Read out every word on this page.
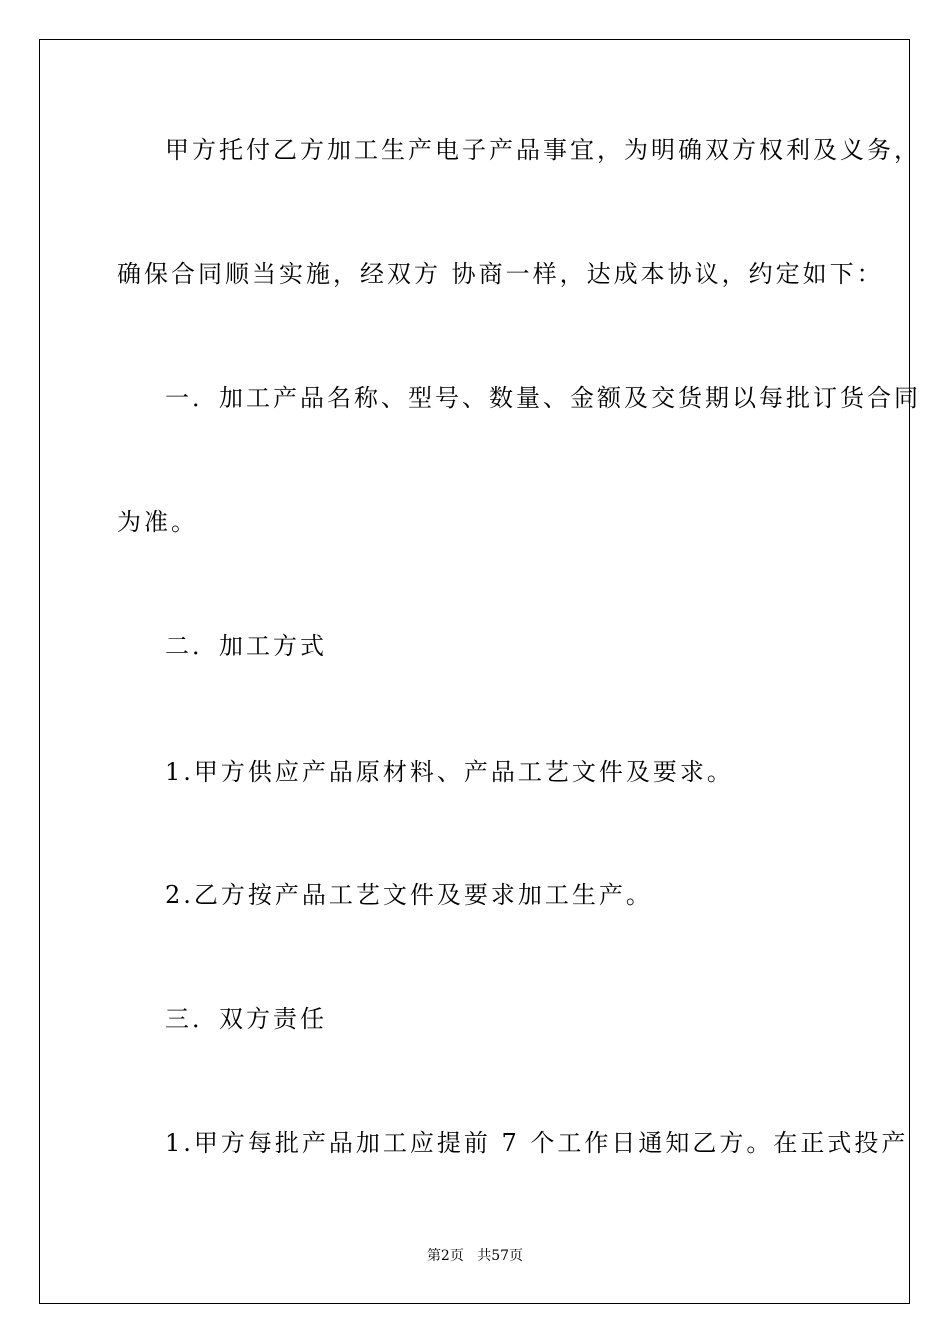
甲方托付乙方加工生产电子产品事宜，为明确双方权利及义务，
确保合同顺当实施，经双方 协商一样，达成本协议，约定如下：
一．加工产品名称、型号、数量、金额及交货期以每批订货合同
为准。
二．加工方式
1.甲方供应产品原材料、产品工艺文件及要求。
2.乙方按产品工艺文件及要求加工生产。
三．双方责任
1.甲方每批产品加工应提前 7 个工作日通知乙方。在正式投产
第2页 共57页
